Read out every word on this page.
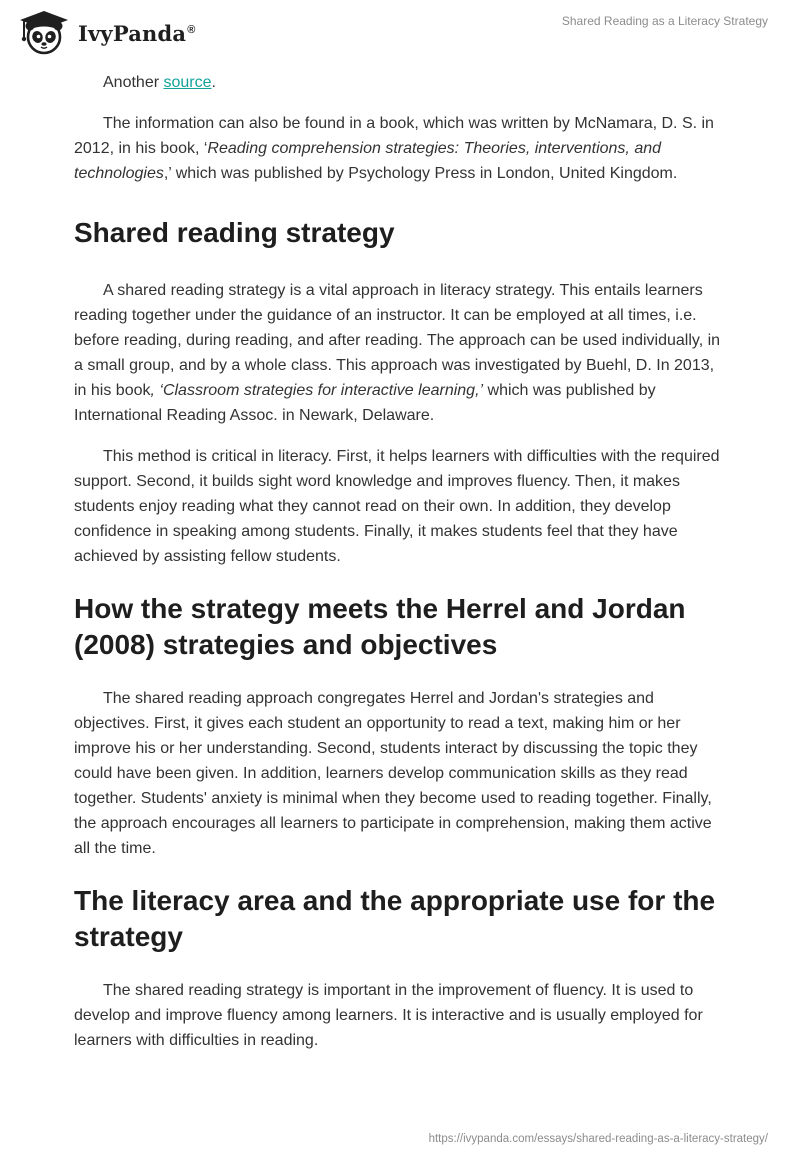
IvyPanda®
Shared Reading as a Literacy Strategy

Another source.

The information can also be found in a book, which was written by McNamara, D. S. in 2012, in his book, ‘Reading comprehension strategies: Theories, interventions, and technologies,’ which was published by Psychology Press in London, United Kingdom.

Shared reading strategy

A shared reading strategy is a vital approach in literacy strategy. This entails learners reading together under the guidance of an instructor. It can be employed at all times, i.e. before reading, during reading, and after reading. The approach can be used individually, in a small group, and by a whole class. This approach was investigated by Buehl, D. In 2013, in his book, ‘Classroom strategies for interactive learning,’ which was published by International Reading Assoc. in Newark, Delaware.

This method is critical in literacy. First, it helps learners with difficulties with the required support. Second, it builds sight word knowledge and improves fluency. Then, it makes students enjoy reading what they cannot read on their own. In addition, they develop confidence in speaking among students. Finally, it makes students feel that they have achieved by assisting fellow students.

How the strategy meets the Herrel and Jordan (2008) strategies and objectives

The shared reading approach congregates Herrel and Jordan's strategies and objectives. First, it gives each student an opportunity to read a text, making him or her improve his or her understanding. Second, students interact by discussing the topic they could have been given. In addition, learners develop communication skills as they read together. Students' anxiety is minimal when they become used to reading together. Finally, the approach encourages all learners to participate in comprehension, making them active all the time.

The literacy area and the appropriate use for the strategy

The shared reading strategy is important in the improvement of fluency. It is used to develop and improve fluency among learners. It is interactive and is usually employed for learners with difficulties in reading.

https://ivypanda.com/essays/shared-reading-as-a-literacy-strategy/
